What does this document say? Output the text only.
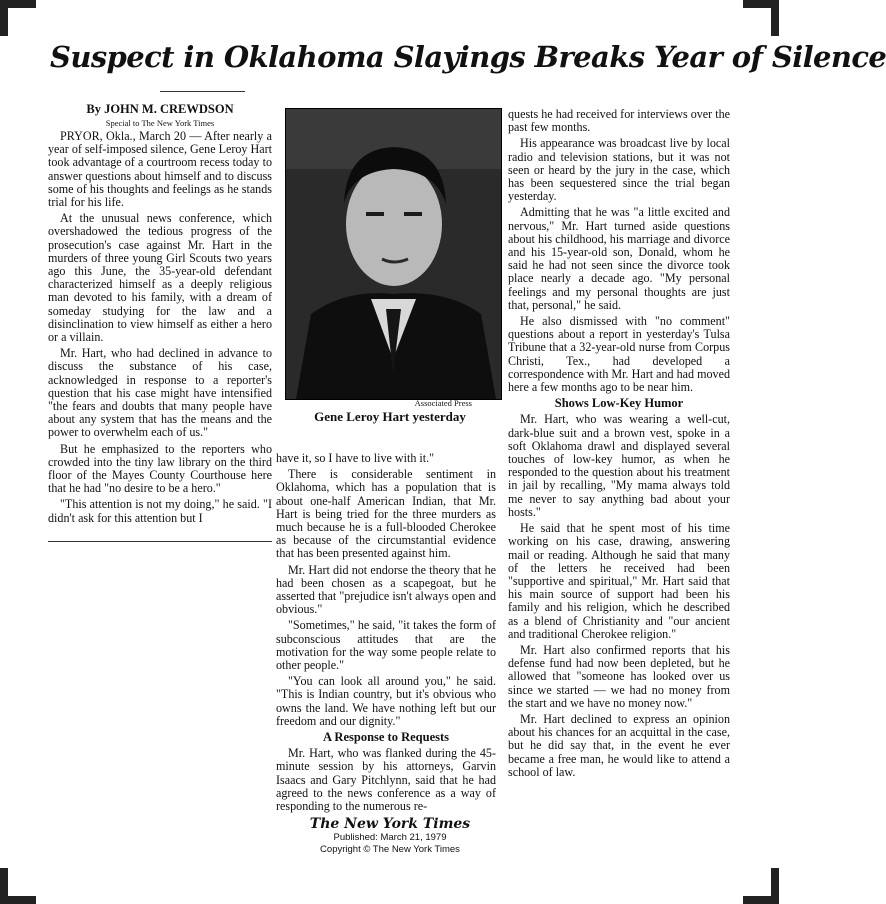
Suspect in Oklahoma Slayings Breaks Year of Silence
By JOHN M. CREWDSON
Special to The New York Times

PRYOR, Okla., March 20 — After nearly a year of self-imposed silence, Gene Leroy Hart took advantage of a courtroom recess today to answer questions about himself and to discuss some of his thoughts and feelings as he stands trial for his life.

At the unusual news conference, which overshadowed the tedious progress of the prosecution's case against Mr. Hart in the murders of three young Girl Scouts two years ago this June, the 35-year-old defendant characterized himself as a deeply religious man devoted to his family, with a dream of someday studying for the law and a disinclination to view himself as either a hero or a villain.

Mr. Hart, who had declined in advance to discuss the substance of his case, acknowledged in response to a reporter's question that his case might have intensified "the fears and doubts that many people have about any system that has the means and the power to overwhelm each of us."

But he emphasized to the reporters who crowded into the tiny law library on the third floor of the Mayes County Courthouse here that he had "no desire to be a hero."

"This attention is not my doing," he said. "I didn't ask for this attention but I

Associated Press
Gene Leroy Hart yesterday

have it, so I have to live with it."

There is considerable sentiment in Oklahoma, which has a population that is about one-half American Indian, that Mr. Hart is being tried for the three murders as much because he is a full-blooded Cherokee as because of the circumstantial evidence that has been presented against him.

Mr. Hart did not endorse the theory that he had been chosen as a scapegoat, but he asserted that "prejudice isn't always open and obvious."

"Sometimes," he said, "it takes the form of subconscious attitudes that are the motivation for the way some people relate to other people."

"You can look all around you," he said. "This is Indian country, but it's obvious who owns the land. We have nothing left but our freedom and our dignity."

A Response to Requests

Mr. Hart, who was flanked during the 45-minute session by his attorneys, Garvin Isaacs and Gary Pitchlynn, said that he had agreed to the news conference as a way of responding to the numerous re-

quests he had received for interviews over the past few months.

His appearance was broadcast live by local radio and television stations, but it was not seen or heard by the jury in the case, which has been sequestered since the trial began yesterday.

Admitting that he was "a little excited and nervous," Mr. Hart turned aside questions about his childhood, his marriage and divorce and his 15-year-old son, Donald, whom he said he had not seen since the divorce took place nearly a decade ago. "My personal feelings and my personal thoughts are just that, personal," he said.

He also dismissed with "no comment" questions about a report in yesterday's Tulsa Tribune that a 32-year-old nurse from Corpus Christi, Tex., had developed a correspondence with Mr. Hart and had moved here a few months ago to be near him.

Shows Low-Key Humor

Mr. Hart, who was wearing a well-cut, dark-blue suit and a brown vest, spoke in a soft Oklahoma drawl and displayed several touches of low-key humor, as when he responded to the question about his treatment in jail by recalling, "My mama always told me never to say anything bad about your hosts."

He said that he spent most of his time working on his case, drawing, answering mail or reading. Although he said that many of the letters he received had been "supportive and spiritual," Mr. Hart said that his main source of support had been his family and his religion, which he described as a blend of Christianity and "our ancient and traditional Cherokee religion."

Mr. Hart also confirmed reports that his defense fund had now been depleted, but he allowed that "someone has looked over us since we started — we had no money from the start and we have no money now."

Mr. Hart declined to express an opinion about his chances for an acquittal in the case, but he did say that, in the event he ever became a free man, he would like to attend a school of law.

The New York Times
Published: March 21, 1979
Copyright © The New York Times
